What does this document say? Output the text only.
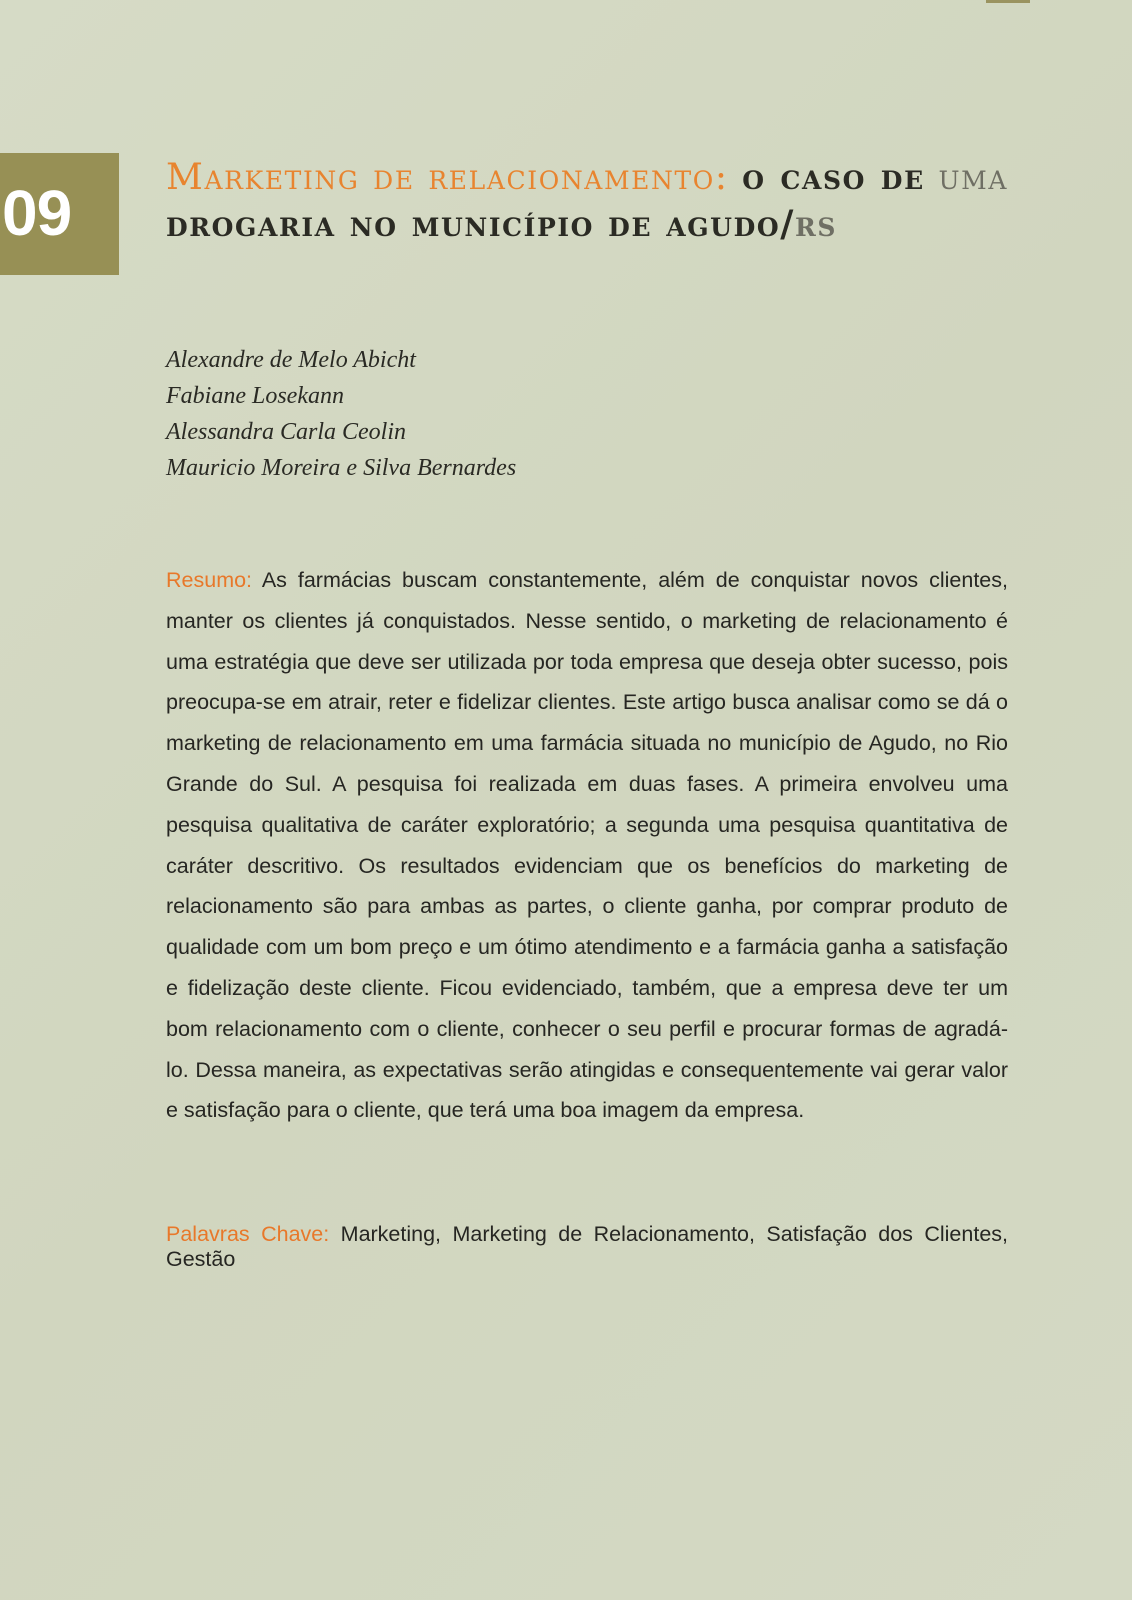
09	Marketing de relacionamento: o caso de uma drogaria no município de agudo/rs
Alexandre de Melo Abicht
Fabiane Losekann
Alessandra Carla Ceolin
Mauricio Moreira e Silva Bernardes

Resumo: As farmácias buscam constantemente, além de conquistar novos clientes, manter os clientes já conquistados. Nesse sentido, o marketing de relacionamento é uma estratégia que deve ser utilizada por toda empresa que deseja obter sucesso, pois preocupa-se em atrair, reter e fidelizar clientes. Este artigo busca analisar como se dá o marketing de relacionamento em uma farmácia situada no município de Agudo, no Rio Grande do Sul. A pesquisa foi realizada em duas fases. A primeira envolveu uma pesquisa qualitativa de caráter exploratório; a segunda uma pesquisa quantitativa de caráter descritivo. Os resultados evidenciam que os benefícios do marketing de relacionamento são para ambas as partes, o cliente ganha, por comprar produto de qualidade com um bom preço e um ótimo atendimento e a farmácia ganha a satisfação e fidelização deste cliente. Ficou evidenciado, também, que a empresa deve ter um bom relacionamento com o cliente, conhecer o seu perfil e procurar formas de agradá-lo. Dessa maneira, as expectativas serão atingidas e consequentemente vai gerar valor e satisfação para o cliente, que terá uma boa imagem da empresa.

Palavras Chave: Marketing, Marketing de Relacionamento, Satisfação dos Clientes, Gestão
